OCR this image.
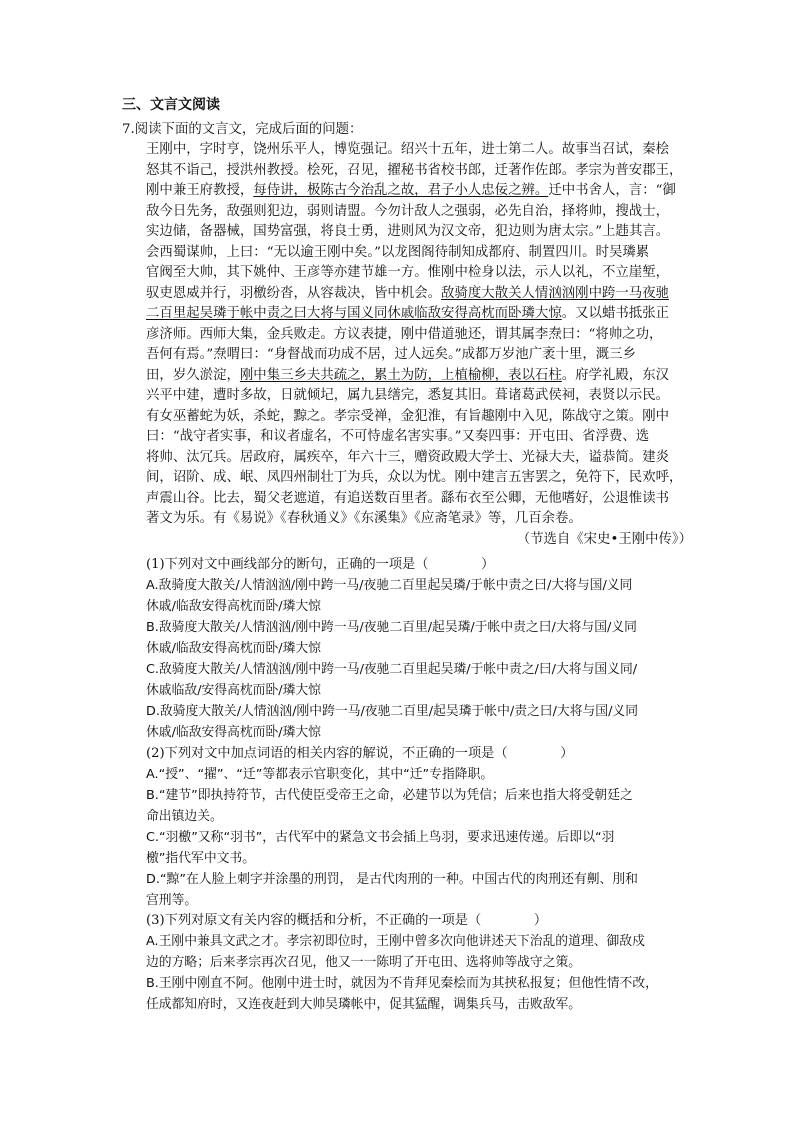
三、文言文阅读
7.阅读下面的文言文，完成后面的问题：
王刚中，字时亨，饶州乐平人，博览强记。绍兴十五年，进士第二人。故事当召试，秦桧
怒其不诣己，授洪州教授。桧死，召见，擢秘书省校书郎，迁著作佐郎。孝宗为普安郡王，
刚中兼王府教授，每侍讲，极陈古今治乱之故，君子小人忠佞之辨。迁中书舍人，言：“御
敌今日先务，敌强则犯边，弱则请盟。今勿计敌人之强弱，必先自治，择将帅，搜战士，
实边储，备器械，国势富强，将良士勇，进则风为汉文帝，犯边则为唐太宗。”上韪其言。
会西蜀谋帅，上曰：“无以逾王刚中矣。”以龙图阁待制知成都府、制置四川。时吴璘累
官阀至大帅，其下姚仲、王彦等亦建节雄一方。惟刚中检身以法，示人以礼，不立崖堑，
驭吏恩威并行，羽檄纷沓，从容裁决，皆中机会。敌骑度大散关人情汹汹刚中跨一马夜驰
二百里起吴璘于帐中责之曰大将与国义同休戚临敌安得高枕而卧璘大惊。又以蜡书抵张正
彦济师。西师大集，金兵败走。方议表捷，刚中借道驰还，谓其属李焘曰：“将帅之功，
吾何有焉。”焘喟曰：“身督战而功成不居，过人远矣。”成都万岁池广袤十里，溉三乡
田，岁久淤淀，刚中集三乡夫共疏之，累土为防，上植榆柳，表以石柱。府学礼殿，东汉
兴平中建，遭时多故，日就倾圮，属九县缮完，悉复其旧。葺诸葛武侯祠，表贤以示民。
有女巫蓄蛇为妖，杀蛇，黥之。孝宗受禅，金犯淮，有旨趣刚中入见，陈战守之策。刚中
曰：“战守者实事，和议者虚名，不可恃虚名害实事。”又奏四事：开屯田、省浮费、选
将帅、汰冗兵。居政府，属疾卒，年六十三，赠资政殿大学士、光禄大夫，谥恭简。建炎
间，诏阶、成、岷、凤四州制壮丁为兵，众以为忧。刚中建言五害罢之，免符下，民欢呼，
声震山谷。比去，蜀父老遮道，有追送数百里者。繇布衣至公卿，无他嗜好，公退惟读书
著文为乐。有《易说》《春秋通义》《东溪集》《应斋笔录》等，几百余卷。
（节选自《宋史•王刚中传》）
(1)下列对文中画线部分的断句，正确的一项是（　　　　）
A.敌骑度大散关/人情汹汹/刚中跨一马/夜驰二百里起吴璘/于帐中责之曰/大将与国/义同
休戚/临敌安得高枕而卧/璘大惊
B.敌骑度大散关/人情汹汹/刚中跨一马/夜驰二百里/起吴璘/于帐中责之曰/大将与国/义同
休戚/临敌安得高枕而卧/璘大惊
C.敌骑度大散关/人情汹汹/刚中跨一马/夜驰二百里起吴璘/于帐中责之/曰/大将与国义同/
休戚临敌/安得高枕而卧/璘大惊
D.敌骑度大散关/人情汹汹/刚中跨一马/夜驰二百里/起吴璘于帐中/责之曰/大将与国/义同
休戚/临敌安得高枕而卧/璘大惊
(2)下列对文中加点词语的相关内容的解说，不正确的一项是（　　　　）
A.“授”、“擢”、“迁”等都表示官职变化，其中“迁”专指降职。
B.“建节”即执持符节，古代使臣受帝王之命，必建节以为凭信；后来也指大将受朝廷之
命出镇边关。
C.“羽檄”又称“羽书”，古代军中的紧急文书会插上鸟羽，要求迅速传递。后即以“羽
檄”指代军中文书。
D.“黥”在人脸上刺字并涂墨的刑罚， 是古代肉刑的一种。中国古代的肉刑还有劓、刖和
宫刑等。
(3)下列对原文有关内容的概括和分析，不正确的一项是（　　　　）
A.王刚中兼具文武之才。孝宗初即位时，王刚中曾多次向他讲述天下治乱的道理、御敌戍
边的方略；后来孝宗再次召见，他又一一陈明了开屯田、选将帅等战守之策。
B.王刚中刚直不阿。他刚中进士时，就因为不肯拜见秦桧而为其挟私报复；但他性情不改，
任成都知府时，又连夜赶到大帅吴璘帐中，促其猛醒，调集兵马，击败敌军。
